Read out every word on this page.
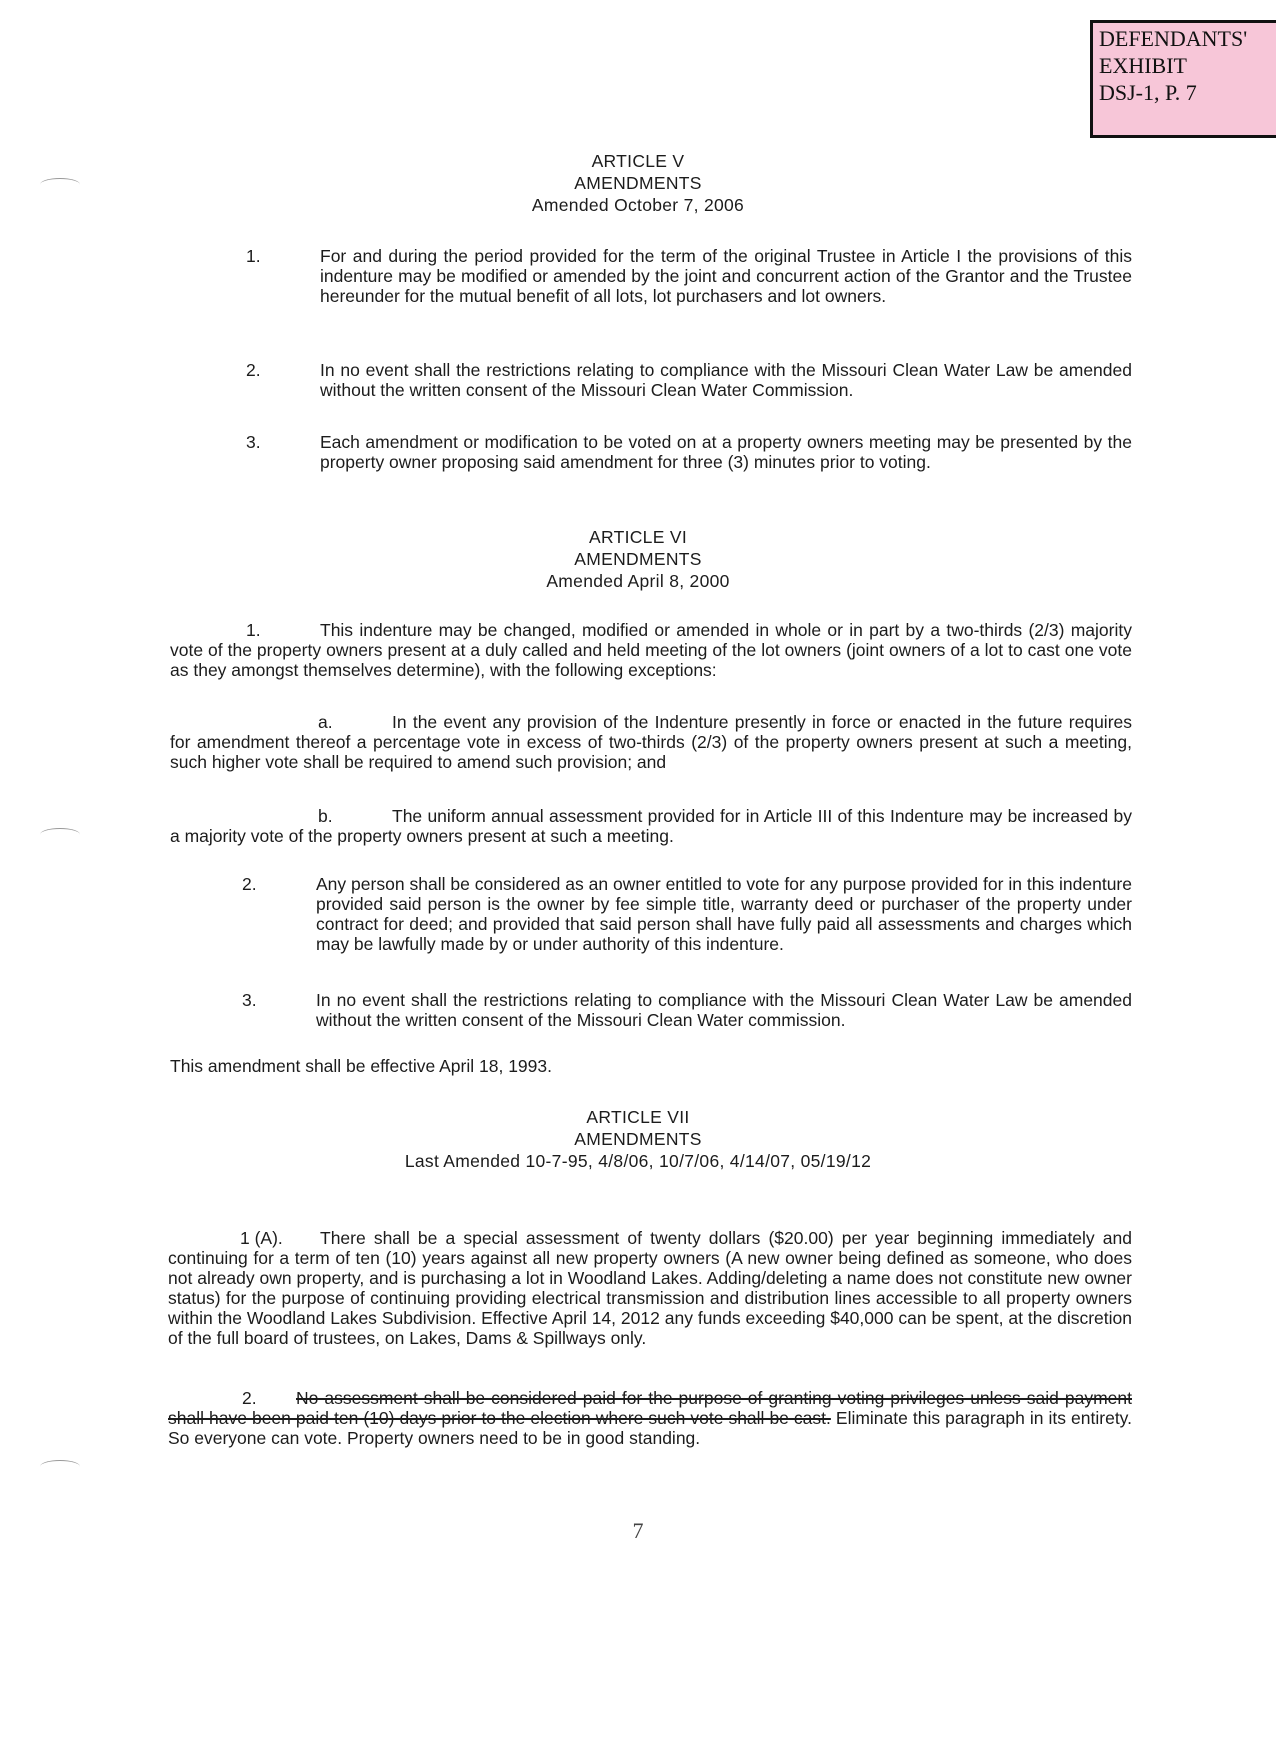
DEFENDANTS'
EXHIBIT
DSJ-1, P. 7
ARTICLE V
AMENDMENTS
Amended October 7, 2006
1.	For and during the period provided for the term of the original Trustee in Article I the provisions of this indenture may be modified or amended by the joint and concurrent action of the Grantor and the Trustee hereunder for the mutual benefit of all lots, lot purchasers and lot owners.
2.	In no event shall the restrictions relating to compliance with the Missouri Clean Water Law be amended without the written consent of the Missouri Clean Water Commission.
3.	Each amendment or modification to be voted on at a property owners meeting may be presented by the property owner proposing said amendment for three (3) minutes prior to voting.
ARTICLE VI
AMENDMENTS
Amended April 8, 2000
1.	This indenture may be changed, modified or amended in whole or in part by a two-thirds (2/3) majority vote of the property owners present at a duly called and held meeting of the lot owners (joint owners of a lot to cast one vote as they amongst themselves determine), with the following exceptions:
a.	In the event any provision of the Indenture presently in force or enacted in the future requires for amendment thereof a percentage vote in excess of two-thirds (2/3) of the property owners present at such a meeting, such higher vote shall be required to amend such provision; and
b.	The uniform annual assessment provided for in Article III of this Indenture may be increased by a majority vote of the property owners present at such a meeting.
2.	Any person shall be considered as an owner entitled to vote for any purpose provided for in this indenture provided said person is the owner by fee simple title, warranty deed or purchaser of the property under contract for deed; and provided that said person shall have fully paid all assessments and charges which may be lawfully made by or under authority of this indenture.
3.	In no event shall the restrictions relating to compliance with the Missouri Clean Water Law be amended without the written consent of the Missouri Clean Water commission.
This amendment shall be effective April 18, 1993.
ARTICLE VII
AMENDMENTS
Last Amended 10-7-95, 4/8/06, 10/7/06, 4/14/07, 05/19/12
1 (A).	There shall be a special assessment of twenty dollars ($20.00) per year beginning immediately and continuing for a term of ten (10) years against all new property owners (A new owner being defined as someone, who does not already own property, and is purchasing a lot in Woodland Lakes. Adding/deleting a name does not constitute new owner status) for the purpose of continuing providing electrical transmission and distribution lines accessible to all property owners within the Woodland Lakes Subdivision. Effective April 14, 2012 any funds exceeding $40,000 can be spent, at the discretion of the full board of trustees, on Lakes, Dams & Spillways only.
2.	No assessment shall be considered paid for the purpose of granting voting privileges unless said payment shall have been paid ten (10) days prior to the election where such vote shall be cast. Eliminate this paragraph in its entirety. So everyone can vote. Property owners need to be in good standing.
7
